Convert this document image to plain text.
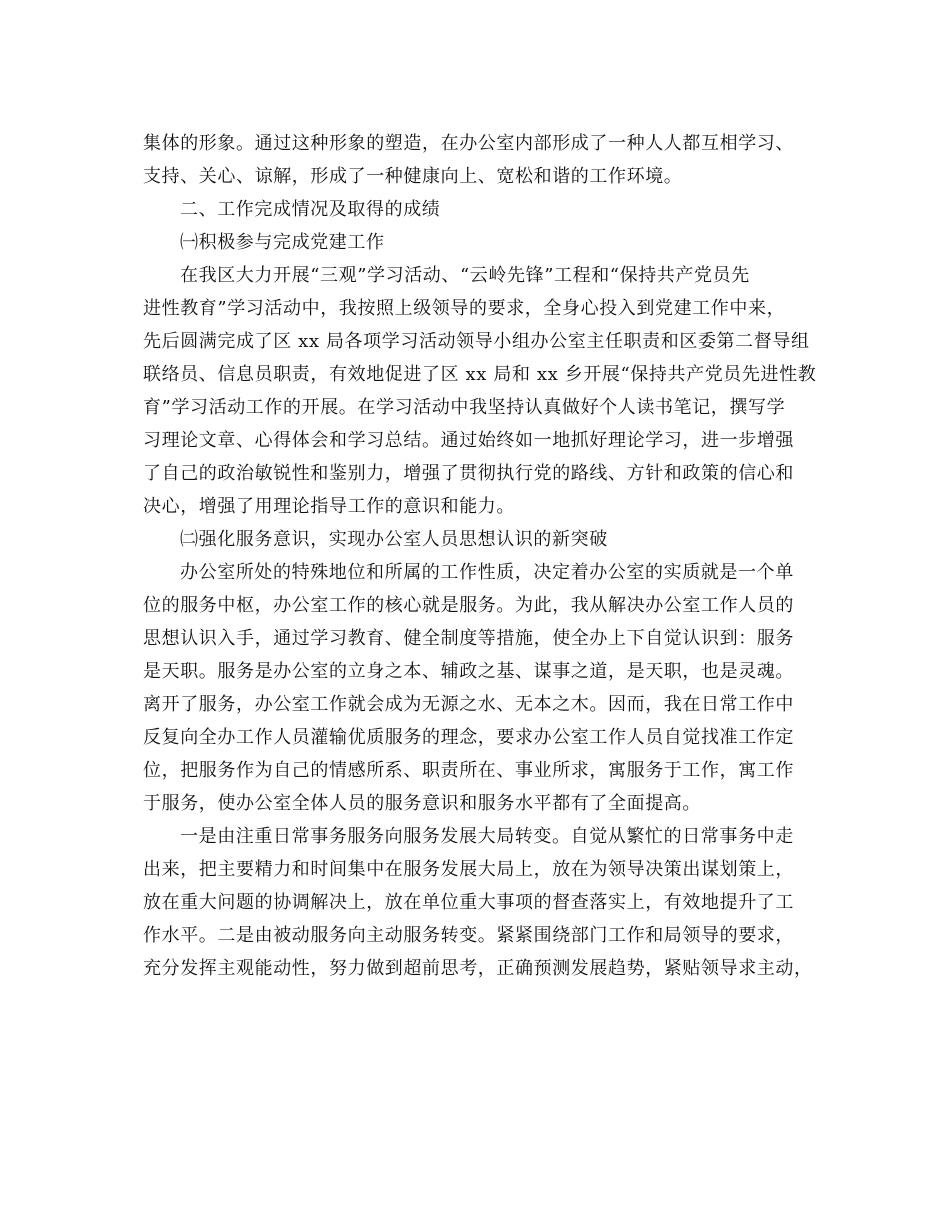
集体的形象。通过这种形象的塑造，在办公室内部形成了一种人人都互相学习、
支持、关心、谅解，形成了一种健康向上、宽松和谐的工作环境。
二、工作完成情况及取得的成绩
㈠积极参与完成党建工作
在我区大力开展“三观”学习活动、“云岭先锋”工程和“保持共产党员先
进性教育”学习活动中，我按照上级领导的要求，全身心投入到党建工作中来，
先后圆满完成了区 xx 局各项学习活动领导小组办公室主任职责和区委第二督导组
联络员、信息员职责，有效地促进了区 xx 局和 xx 乡开展“保持共产党员先进性教
育”学习活动工作的开展。在学习活动中我坚持认真做好个人读书笔记，撰写学
习理论文章、心得体会和学习总结。通过始终如一地抓好理论学习，进一步增强
了自己的政治敏锐性和鉴别力，增强了贯彻执行党的路线、方针和政策的信心和
决心，增强了用理论指导工作的意识和能力。
㈡强化服务意识，实现办公室人员思想认识的新突破
办公室所处的特殊地位和所属的工作性质，决定着办公室的实质就是一个单
位的服务中枢，办公室工作的核心就是服务。为此，我从解决办公室工作人员的
思想认识入手，通过学习教育、健全制度等措施，使全办上下自觉认识到：服务
是天职。服务是办公室的立身之本、辅政之基、谋事之道，是天职，也是灵魂。
离开了服务，办公室工作就会成为无源之水、无本之木。因而，我在日常工作中
反复向全办工作人员灌输优质服务的理念，要求办公室工作人员自觉找准工作定
位，把服务作为自己的情感所系、职责所在、事业所求，寓服务于工作，寓工作
于服务，使办公室全体人员的服务意识和服务水平都有了全面提高。
一是由注重日常事务服务向服务发展大局转变。自觉从繁忙的日常事务中走
出来，把主要精力和时间集中在服务发展大局上，放在为领导决策出谋划策上，
放在重大问题的协调解决上，放在单位重大事项的督查落实上，有效地提升了工
作水平。二是由被动服务向主动服务转变。紧紧围绕部门工作和局领导的要求，
充分发挥主观能动性，努力做到超前思考，正确预测发展趋势，紧贴领导求主动，
